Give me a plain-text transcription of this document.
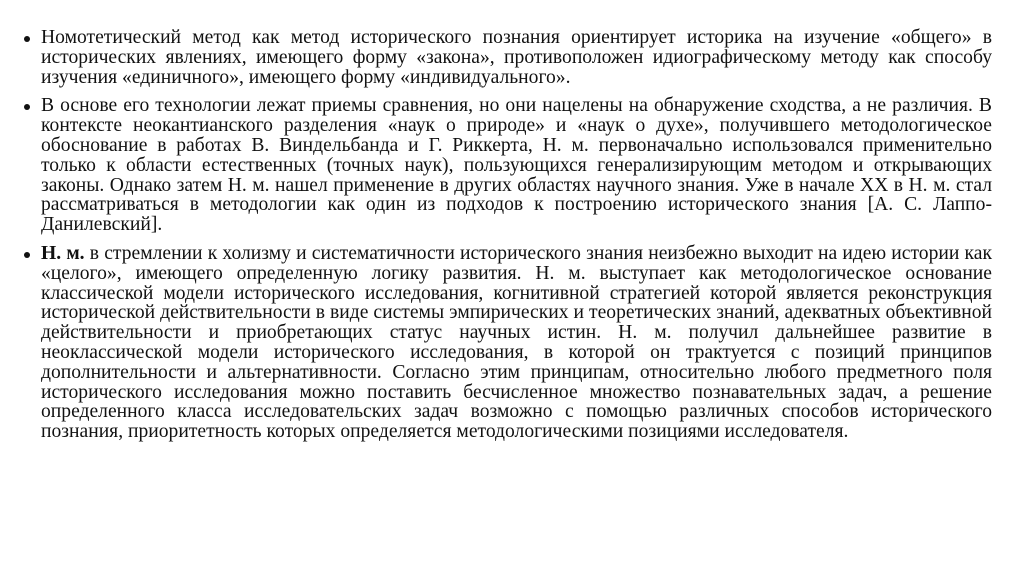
Номотетический метод как метод исторического познания ориентирует историка на изучение «общего» в исторических явлениях, имеющего форму «закона», противоположен идиографическому методу как способу изучения «единичного», имеющего форму «индивидуального».
В основе его технологии лежат приемы сравнения, но они нацелены на обнаружение сходства, а не различия. В контексте неокантианского разделения «наук о природе» и «наук о духе», получившего методологическое обоснование в работах В. Виндельбанда и Г. Риккерта, Н. м. первоначально использовался применительно только к области естественных (точных наук), пользующихся генерализирующим методом и открывающих законы. Однако затем Н. м. нашел применение в других областях научного знания. Уже в начале XX в Н. м. стал рассматриваться в методологии как один из подходов к построению исторического знания [А. С. Лаппо-Данилевский].
Н. м. в стремлении к холизму и систематичности исторического знания неизбежно выходит на идею истории как «целого», имеющего определенную логику развития. Н. м. выступает как методологическое основание классической модели исторического исследования, когнитивной стратегией которой является реконструкция исторической действительности в виде системы эмпирических и теоретических знаний, адекватных объективной действительности и приобретающих статус научных истин. Н. м. получил дальнейшее развитие в неоклассической модели исторического исследования, в которой он трактуется с позиций принципов дополнительности и альтернативности. Согласно этим принципам, относительно любого предметного поля исторического исследования можно поставить бесчисленное множество познавательных задач, а решение определенного класса исследовательских задач возможно с помощью различных способов исторического познания, приоритетность которых определяется методологическими позициями исследователя.
